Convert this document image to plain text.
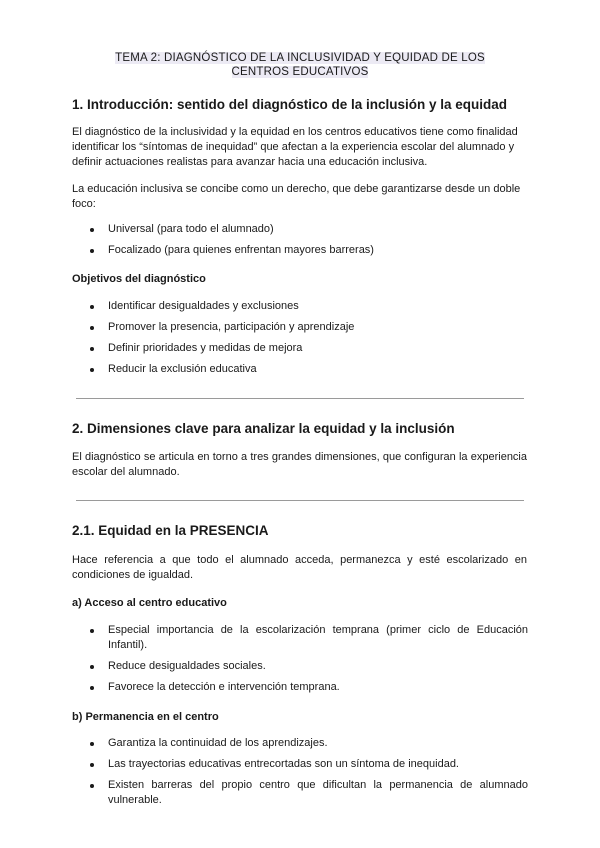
TEMA 2: DIAGNÓSTICO DE LA INCLUSIVIDAD Y EQUIDAD DE LOS
CENTROS EDUCATIVOS
1. Introducción: sentido del diagnóstico de la inclusión y la equidad
El diagnóstico de la inclusividad y la equidad en los centros educativos tiene como finalidad identificar los “síntomas de inequidad” que afectan a la experiencia escolar del alumnado y definir actuaciones realistas para avanzar hacia una educación inclusiva.
La educación inclusiva se concibe como un derecho, que debe garantizarse desde un doble foco:
Universal (para todo el alumnado)
Focalizado (para quienes enfrentan mayores barreras)
Objetivos del diagnóstico
Identificar desigualdades y exclusiones
Promover la presencia, participación y aprendizaje
Definir prioridades y medidas de mejora
Reducir la exclusión educativa
2. Dimensiones clave para analizar la equidad y la inclusión
El diagnóstico se articula en torno a tres grandes dimensiones, que configuran la experiencia escolar del alumnado.
2.1. Equidad en la PRESENCIA
Hace referencia a que todo el alumnado acceda, permanezca y esté escolarizado en condiciones de igualdad.
a) Acceso al centro educativo
Especial importancia de la escolarización temprana (primer ciclo de Educación Infantil).
Reduce desigualdades sociales.
Favorece la detección e intervención temprana.
b) Permanencia en el centro
Garantiza la continuidad de los aprendizajes.
Las trayectorias educativas entrecortadas son un síntoma de inequidad.
Existen barreras del propio centro que dificultan la permanencia de alumnado vulnerable.
